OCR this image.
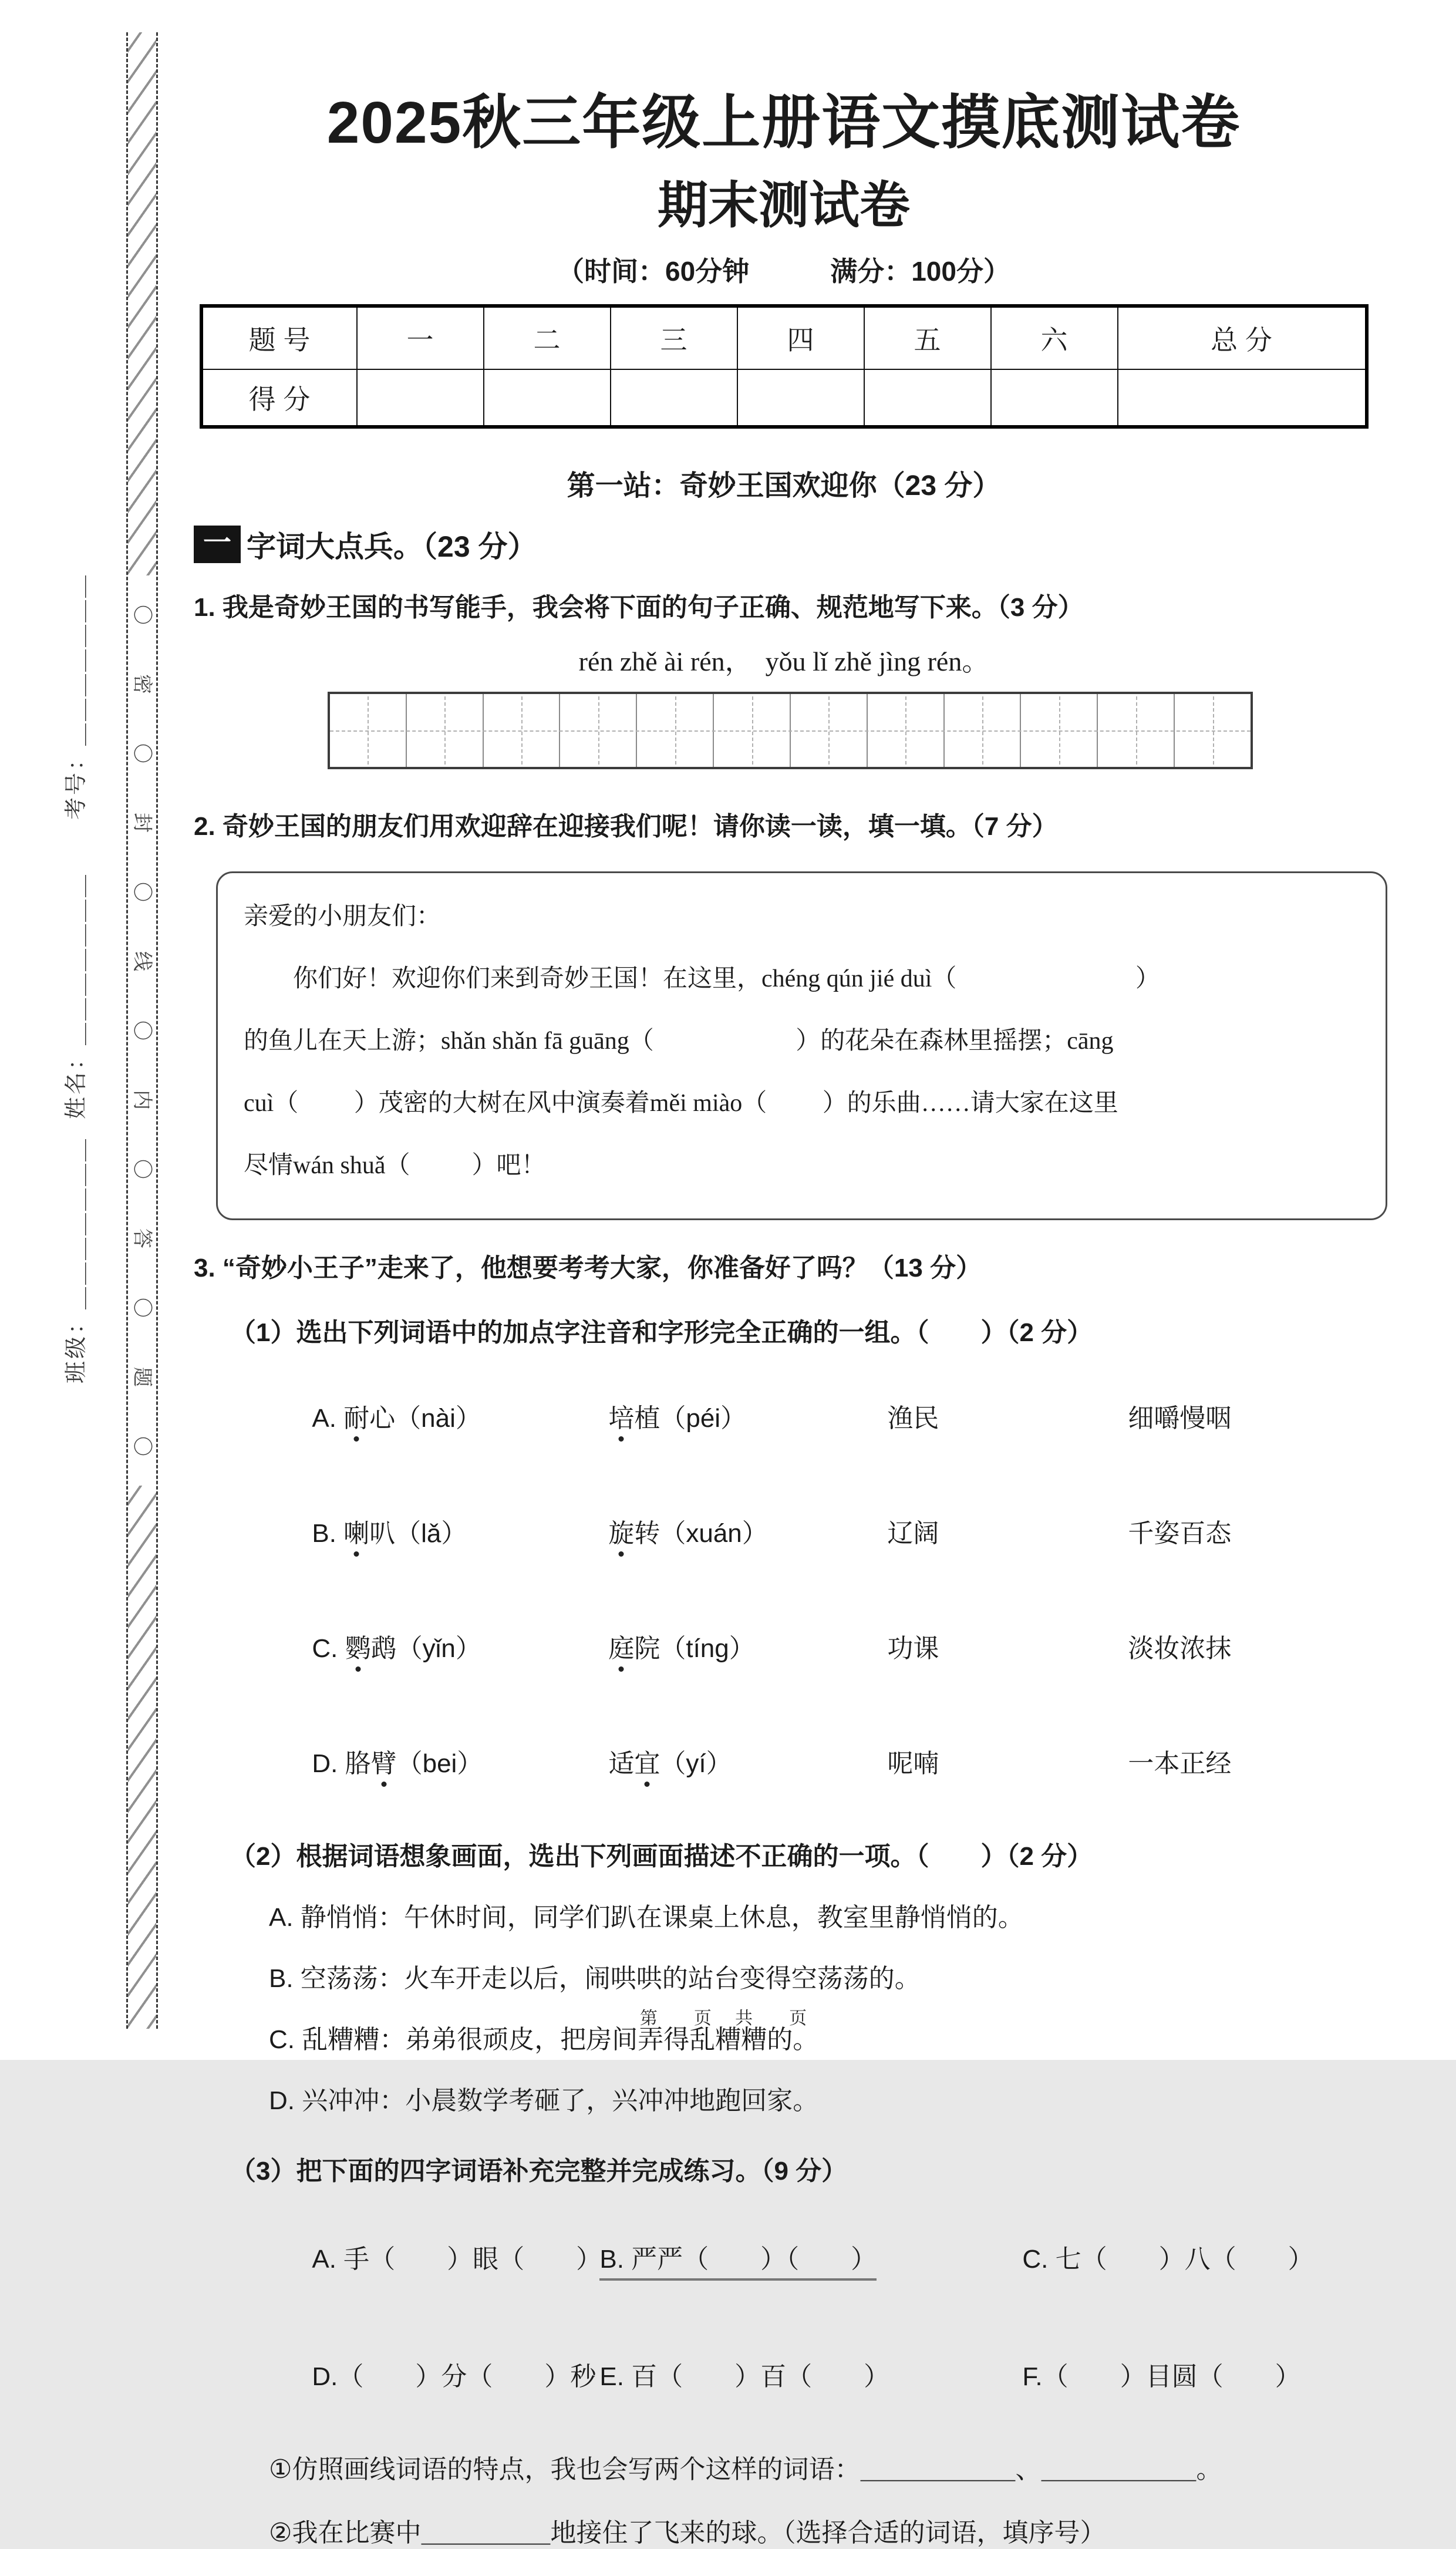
考号：＿＿＿＿＿＿＿
姓名：＿＿＿＿＿＿＿
班级：＿＿＿＿＿＿＿
〇
密
〇
封
〇
线
〇
内
〇
答
〇
题
〇
2025秋三年级上册语文摸底测试卷
期末测试卷
（时间：60分钟　　　满分：100分）
题 号	一	二	三	四	五	六	总 分
得 分							
第一站：奇妙王国欢迎你（23 分）
一 字词大点兵。（23 分）

1. 我是奇妙王国的书写能手，我会将下面的句子正确、规范地写下来。（3 分）

rén zhě ài rén，  yǒu lǐ zhě jìng rén。

2. 奇妙王国的朋友们用欢迎辞在迎接我们呢！请你读一读，填一填。（7 分）

亲爱的小朋友们：

　　你们好！欢迎你们来到奇妙王国！在这里，chéng qún jié duì（                             ）

的鱼儿在天上游；shǎn shǎn fā guāng（                       ）的花朵在森林里摇摆；cāng

cuì（         ）茂密的大树在风中演奏着měi miào（         ）的乐曲……请大家在这里

尽情wán shuǎ（          ）吧！

3. “奇妙小王子”走来了，他想要考考大家，你准备好了吗？（13 分）

（1）选出下列词语中的加点字注音和字形完全正确的一组。（　　）（2 分）

A. 耐心（nài）	培植（péi）	渔民	细嚼慢咽

B. 喇叭（lǎ）	旋转（xuán）	辽阔	千姿百态

C. 鹦鹉（yǐn）	庭院（tíng）	功课	淡妆浓抹

D. 胳臂（bei）	适宜（yí）	呢喃	一本正经

（2）根据词语想象画面，选出下列画面描述不正确的一项。（　　）（2 分）
A. 静悄悄：午休时间，同学们趴在课桌上休息，教室里静悄悄的。
B. 空荡荡：火车开走以后，闹哄哄的站台变得空荡荡的。
C. 乱糟糟：弟弟很顽皮，把房间弄得乱糟糟的。
D. 兴冲冲：小晨数学考砸了，兴冲冲地跑回家。
（3）把下面的四字词语补充完整并完成练习。（9 分）

A. 手（　　）眼（　　）B. 严严（　　）（　　）	C. 七（　　）八（　　）

D.（　　）分（　　）秒 E. 百（　　）百（　　）	F.（　　）目圆（　　）

①仿照画线词语的特点，我也会写两个这样的词语：＿＿＿＿＿＿、＿＿＿＿＿＿。
②我在比赛中＿＿＿＿＿地接住了飞来的球。（选择合适的词语，填序号）
第　页 共　页
